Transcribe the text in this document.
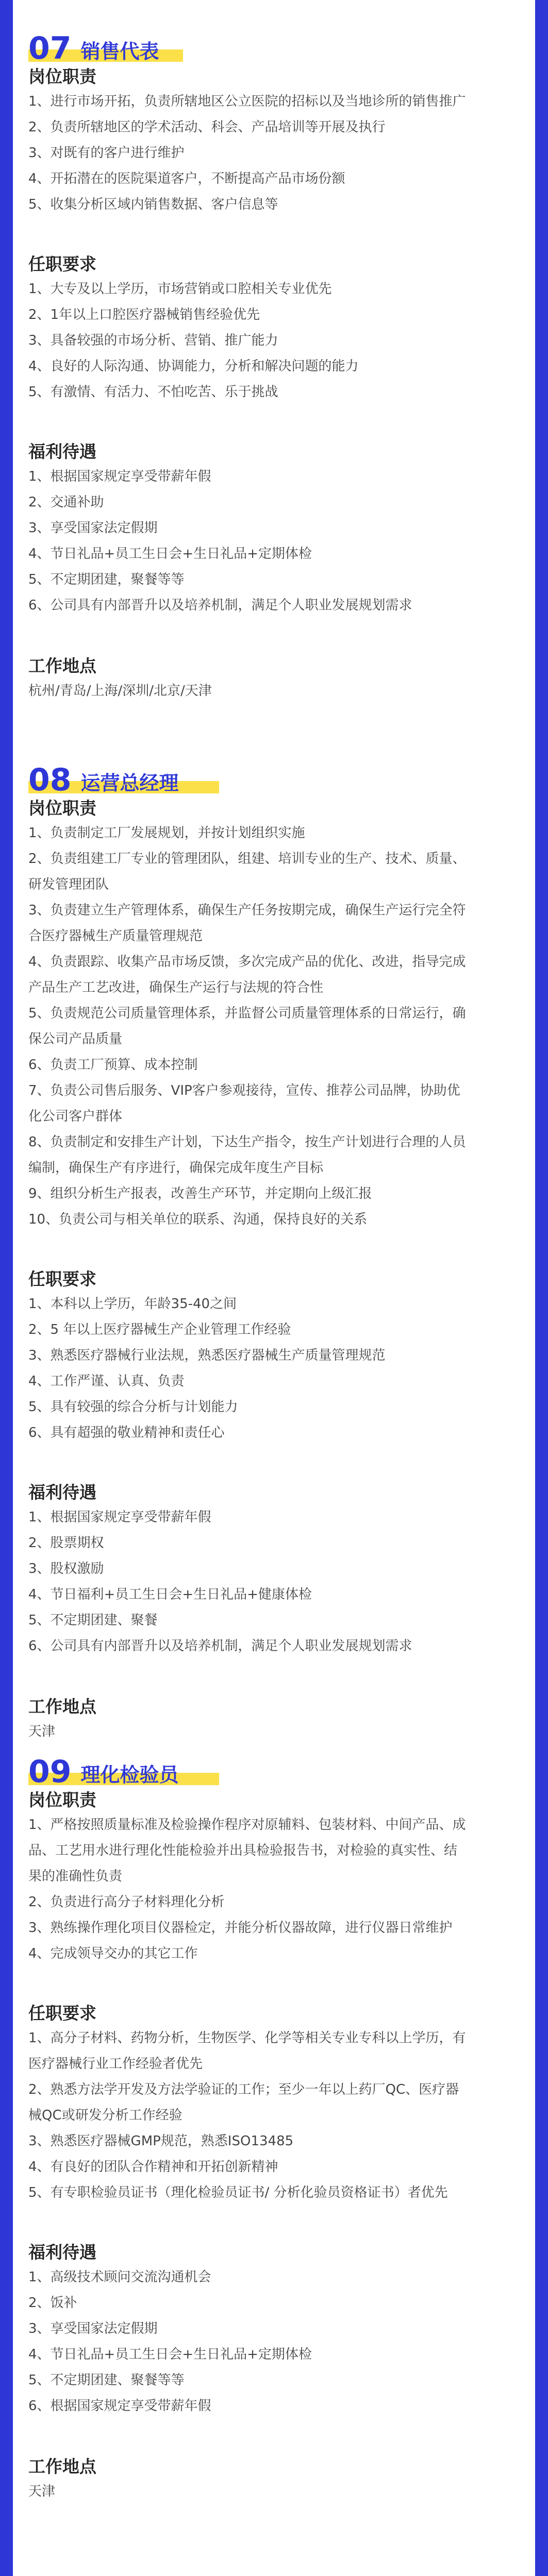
07 销售代表
岗位职责
1、进行市场开拓，负责所辖地区公立医院的招标以及当地诊所的销售推广
2、负责所辖地区的学术活动、科会、产品培训等开展及执行
3、对既有的客户进行维护
4、开拓潜在的医院渠道客户，不断提高产品市场份额
5、收集分析区域内销售数据、客户信息等
任职要求
1、大专及以上学历，市场营销或口腔相关专业优先
2、1年以上口腔医疗器械销售经验优先
3、具备较强的市场分析、营销、推广能力
4、良好的人际沟通、协调能力，分析和解决问题的能力
5、有激情、有活力、不怕吃苦、乐于挑战
福利待遇
1、根据国家规定享受带薪年假
2、交通补助
3、享受国家法定假期
4、节日礼品+员工生日会+生日礼品+定期体检
5、不定期团建，聚餐等等
6、公司具有内部晋升以及培养机制，满足个人职业发展规划需求
工作地点
杭州/青岛/上海/深圳/北京/天津
08 运营总经理
岗位职责
1、负责制定工厂发展规划，并按计划组织实施
2、负责组建工厂专业的管理团队，组建、培训专业的生产、技术、质量、
研发管理团队
3、负责建立生产管理体系，确保生产任务按期完成，确保生产运行完全符
合医疗器械生产质量管理规范
4、负责跟踪、收集产品市场反馈，多次完成产品的优化、改进，指导完成
产品生产工艺改进，确保生产运行与法规的符合性
5、负责规范公司质量管理体系，并监督公司质量管理体系的日常运行，确
保公司产品质量
6、负责工厂预算、成本控制
7、负责公司售后服务、VIP客户参观接待，宣传、推荐公司品牌，协助优
化公司客户群体
8、负责制定和安排生产计划，下达生产指令，按生产计划进行合理的人员
编制，确保生产有序进行，确保完成年度生产目标
9、组织分析生产报表，改善生产环节，并定期向上级汇报
10、负责公司与相关单位的联系、沟通，保持良好的关系
任职要求
1、本科以上学历，年龄35-40之间
2、5 年以上医疗器械生产企业管理工作经验
3、熟悉医疗器械行业法规，熟悉医疗器械生产质量管理规范
4、工作严谨、认真、负责
5、具有较强的综合分析与计划能力
6、具有超强的敬业精神和责任心
福利待遇
1、根据国家规定享受带薪年假
2、股票期权
3、股权激励
4、节日福利+员工生日会+生日礼品+健康体检
5、不定期团建、聚餐
6、公司具有内部晋升以及培养机制，满足个人职业发展规划需求
工作地点
天津
09 理化检验员
岗位职责
1、严格按照质量标准及检验操作程序对原辅料、包装材料、中间产品、成
品、工艺用水进行理化性能检验并出具检验报告书，对检验的真实性、结
果的准确性负责
2、负责进行高分子材料理化分析
3、熟练操作理化项目仪器检定，并能分析仪器故障，进行仪器日常维护
4、完成领导交办的其它工作
任职要求
1、高分子材料、药物分析，生物医学、化学等相关专业专科以上学历，有
医疗器械行业工作经验者优先
2、熟悉方法学开发及方法学验证的工作；至少一年以上药厂QC、医疗器
械QC或研发分析工作经验
3、熟悉医疗器械GMP规范，熟悉ISO13485
4、有良好的团队合作精神和开拓创新精神
5、有专职检验员证书（理化检验员证书/ 分析化验员资格证书）者优先
福利待遇
1、高级技术顾问交流沟通机会
2、饭补
3、享受国家法定假期
4、节日礼品+员工生日会+生日礼品+定期体检
5、不定期团建、聚餐等等
6、根据国家规定享受带薪年假
工作地点
天津
